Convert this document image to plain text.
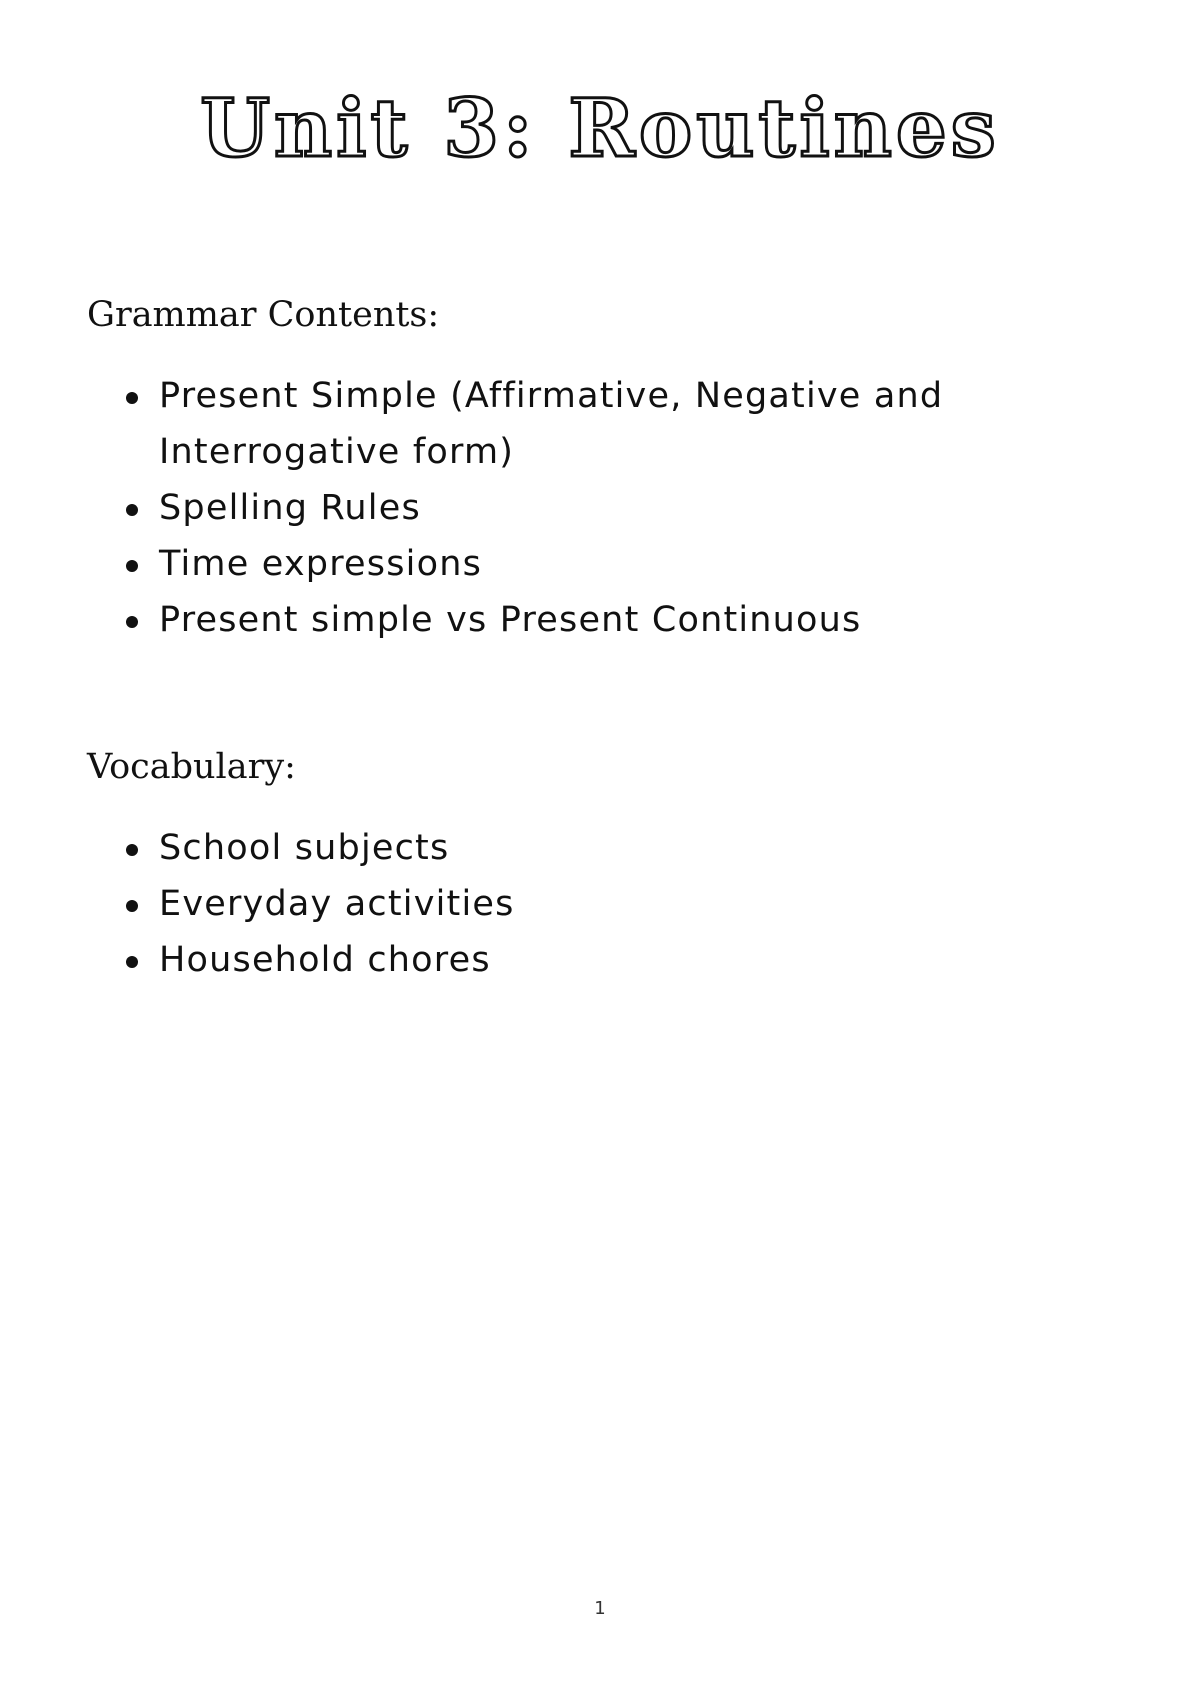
Unit 3: Routines
Grammar Contents:
Present Simple (Affirmative, Negative and Interrogative form)
Spelling Rules
Time expressions
Present simple vs Present Continuous
Vocabulary:
School subjects
Everyday activities
Household chores
1
